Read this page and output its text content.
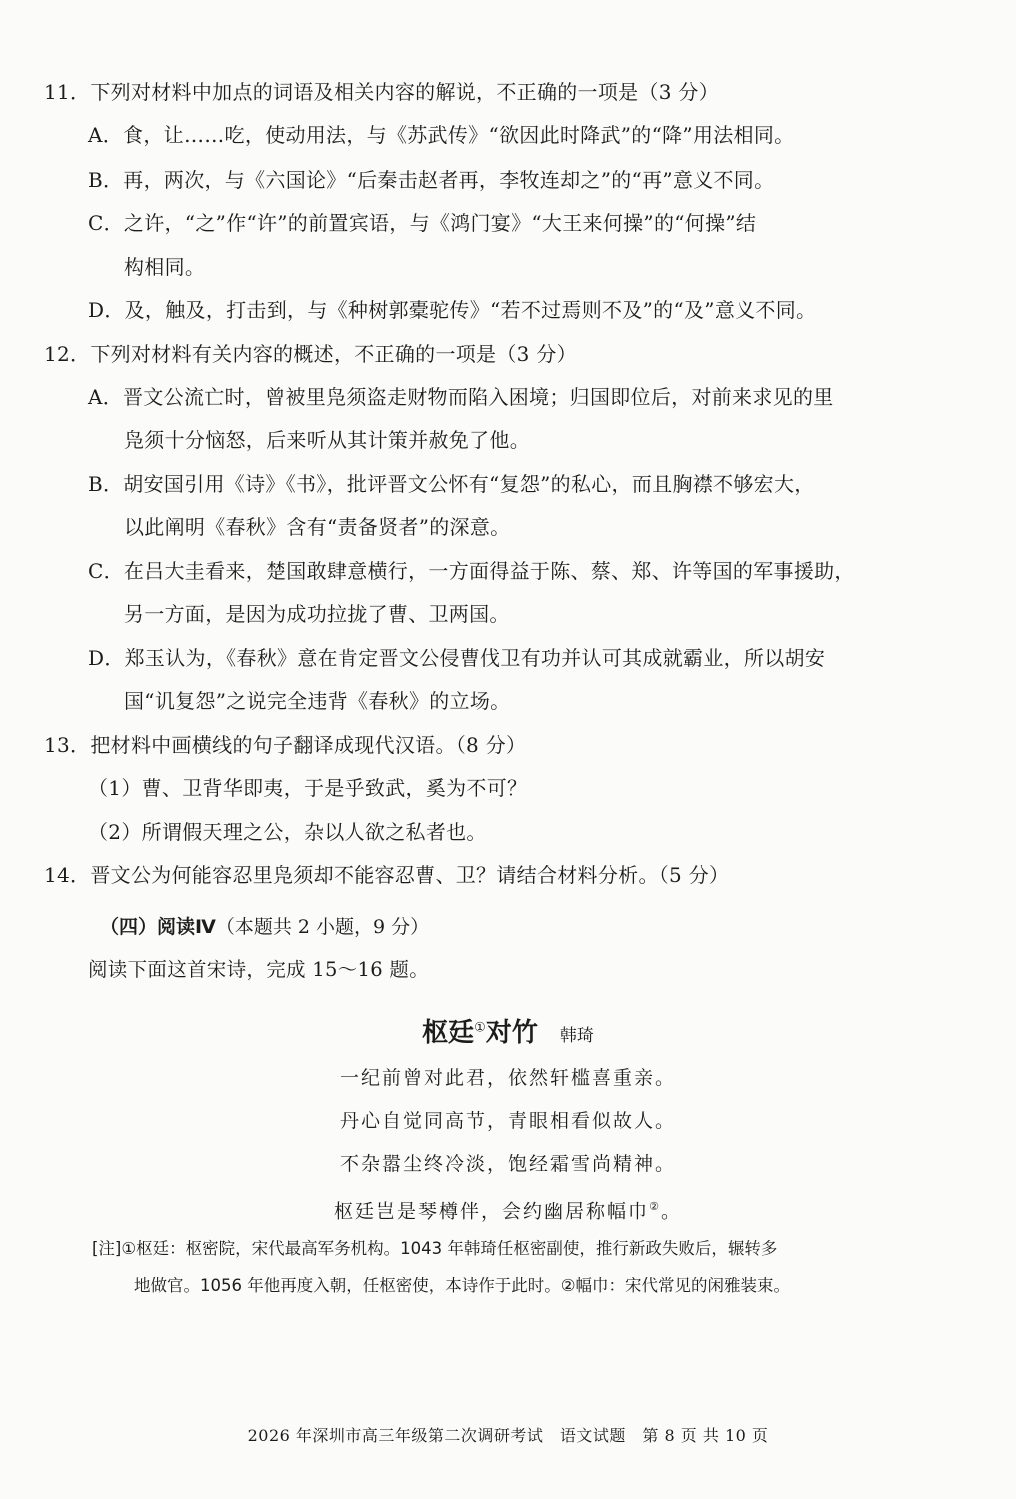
11．下列对材料中加点的词语及相关内容的解说，不正确的一项是（3 分）
A．食，让……吃，使动用法，与《苏武传》“欲因此时降武”的“降”用法相同。
B．再，两次，与《六国论》“后秦击赵者再，李牧连却之”的“再”意义不同。
C．之许，“之”作“许”的前置宾语，与《鸿门宴》“大王来何操”的“何操”结
构相同。
D．及，触及，打击到，与《种树郭橐驼传》“若不过焉则不及”的“及”意义不同。
12．下列对材料有关内容的概述，不正确的一项是（3 分）
A．晋文公流亡时，曾被里凫须盗走财物而陷入困境；归国即位后，对前来求见的里
凫须十分恼怒，后来听从其计策并赦免了他。
B．胡安国引用《诗》《书》，批评晋文公怀有“复怨”的私心，而且胸襟不够宏大，
以此阐明《春秋》含有“责备贤者”的深意。
C．在吕大圭看来，楚国敢肆意横行，一方面得益于陈、蔡、郑、许等国的军事援助，
另一方面，是因为成功拉拢了曹、卫两国。
D．郑玉认为，《春秋》意在肯定晋文公侵曹伐卫有功并认可其成就霸业，所以胡安
国“讥复怨”之说完全违背《春秋》的立场。
13．把材料中画横线的句子翻译成现代汉语。（8 分）
（1）曹、卫背华即夷，于是乎致武，奚为不可？
（2）所谓假天理之公，杂以人欲之私者也。
14．晋文公为何能容忍里凫须却不能容忍曹、卫？请结合材料分析。（5 分）
（四）阅读Ⅳ（本题共 2 小题，9 分）
阅读下面这首宋诗，完成 15～16 题。
枢廷①对竹 韩琦
一纪前曾对此君，依然轩槛喜重亲。
丹心自觉同高节，青眼相看似故人。
不杂嚣尘终冷淡，饱经霜雪尚精神。
枢廷岂是琴樽伴，会约幽居称幅巾②。
[注]①枢廷：枢密院，宋代最高军务机构。1043 年韩琦任枢密副使，推行新政失败后，辗转多
地做官。1056 年他再度入朝，任枢密使，本诗作于此时。②幅巾：宋代常见的闲雅装束。
2026 年深圳市高三年级第二次调研考试　语文试题　第 8 页 共 10 页
